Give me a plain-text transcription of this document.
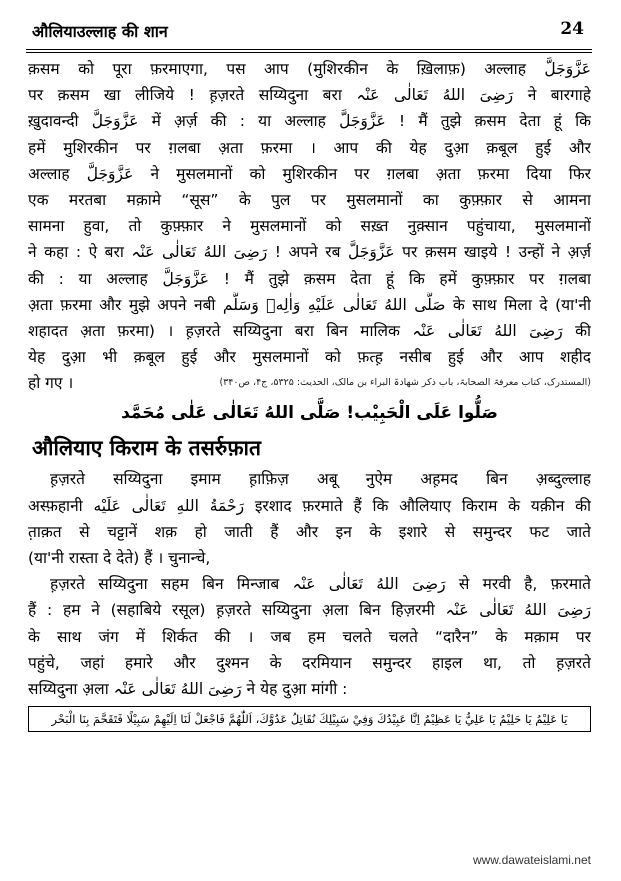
औलियाउल्लाह की शान	24
क़सम को पूरा फ़रमाएगा, पस आप (मुशिरकीन के ख़िलाफ़) अल्लाह عَزَّوَجَلَّ
पर क़सम खा लीजिये ! ह़ज़रते सय्यिदुना बरा رَضِیَ اللهُ تَعَالٰی عَنْہ ने बारगाहे
ख़ुदावन्दी عَزَّوَجَلَّ में अ़र्ज़ की : या अल्लाह عَزَّوَجَلَّ ! मैं तुझे क़सम देता हूं कि
हमें मुशिरकीन पर ग़लबा अ़ता फ़रमा । आप की येह दुआ़ क़बूल हुई और
अल्लाह عَزَّوَجَلَّ ने मुसलमानों को मुशिरकीन पर ग़लबा अ़ता फ़रमा दिया फिर
एक मरतबा मक़ामे “सूस” के पुल पर मुसलमानों का कुफ़्फ़ार से आमना
सामना हुवा, तो कुफ़्फ़ार ने मुसलमानों को सख़्त नुक़्सान पहुंचाया, मुसलमानों
ने कहा : ऐ बरा رَضِیَ اللهُ تَعَالٰی عَنْہ ! अपने रब عَزَّوَجَلَّ पर क़सम खाइये ! उन्हों ने अ़र्ज़
की : या अल्लाह عَزَّوَجَلَّ ! मैं तुझे क़सम देता हूं कि हमें कुफ़्फ़ार पर ग़लबा
अ़ता फ़रमा और मुझे अपने नबी صَلَّى اللهُ تَعَالٰی عَلَيْهِ وَاٰلِهٖ وَسَلَّم के साथ मिला दे (या'नी
शहादत अ़ता फ़रमा) । ह़ज़रते सय्यिदुना बरा बिन मालिक رَضِیَ اللهُ تَعَالٰی عَنْہ की
येह दुआ़ भी क़बूल हुई और मुसलमानों को फ़त्ह़ नसीब हुई और आप शहीद
हो गए ।	(المستدرک، کتاب معرفۃ الصحابۃ، باب ذکر شھادۃ البراء بن مالک، الحدیث: ۵۳۲۵، ج۴، ص۳۴۰)
صَلُّوا عَلَى الْحَبِيْب! صَلَّى اللهُ تَعَالٰى عَلٰى مُحَمَّد
औलियाए किराम के तसर्रुफ़ात
ह़ज़रते सय्यिदुना इमाम ह़ाफ़िज़ अबू नुऐम अह़मद बिन अ़ब्दुल्लाह
अस्फ़हानी رَحْمَةُ اللهِ تَعَالٰی عَلَيْه इरशाद फ़रमाते हैं कि औलियाए किराम के यक़ीन की
त़ाक़त से चट्टानें शक़ हो जाती हैं और इन के इशारे से समुन्दर फट जाते
(या'नी रास्ता दे देते) हैं । चुनान्चे,
ह़ज़रते सय्यिदुना सहम बिन मिन्जाब رَضِیَ اللهُ تَعَالٰی عَنْہ से मरवी है, फ़रमाते
हैं : हम ने (सहाबिये रसूल) ह़ज़रते सय्यिदुना अ़ला बिन हिज़रमी رَضِیَ اللهُ تَعَالٰی عَنْہ
के साथ जंग में शिर्कत की । जब हम चलते चलते “दारैन” के मक़ाम पर
पहुंचे, जहां हमारे और दुश्मन के दरमियान समुन्दर हाइल था, तो ह़ज़रते
सय्यिदुना अ़ला رَضِیَ اللهُ تَعَالٰی عَنْہ ने येह दुआ़ मांगी :
يَا عَلِيْمُ يَا حَلِيْمُ يَا عَلِيُّ يَا عَظِيْمُ اِنَّا عَبِيْدُكَ وَفِيْ سَبِيْلِكَ نُقَاتِلُ عَدُوَّكَ، اَللّٰهُمَّ فَاجْعَلْ لَنَا اِلَيْهِمْ سَبِيْلًا فَتَقَحَّمَ بِنَا الْبَحْر
www.dawateislami.net
